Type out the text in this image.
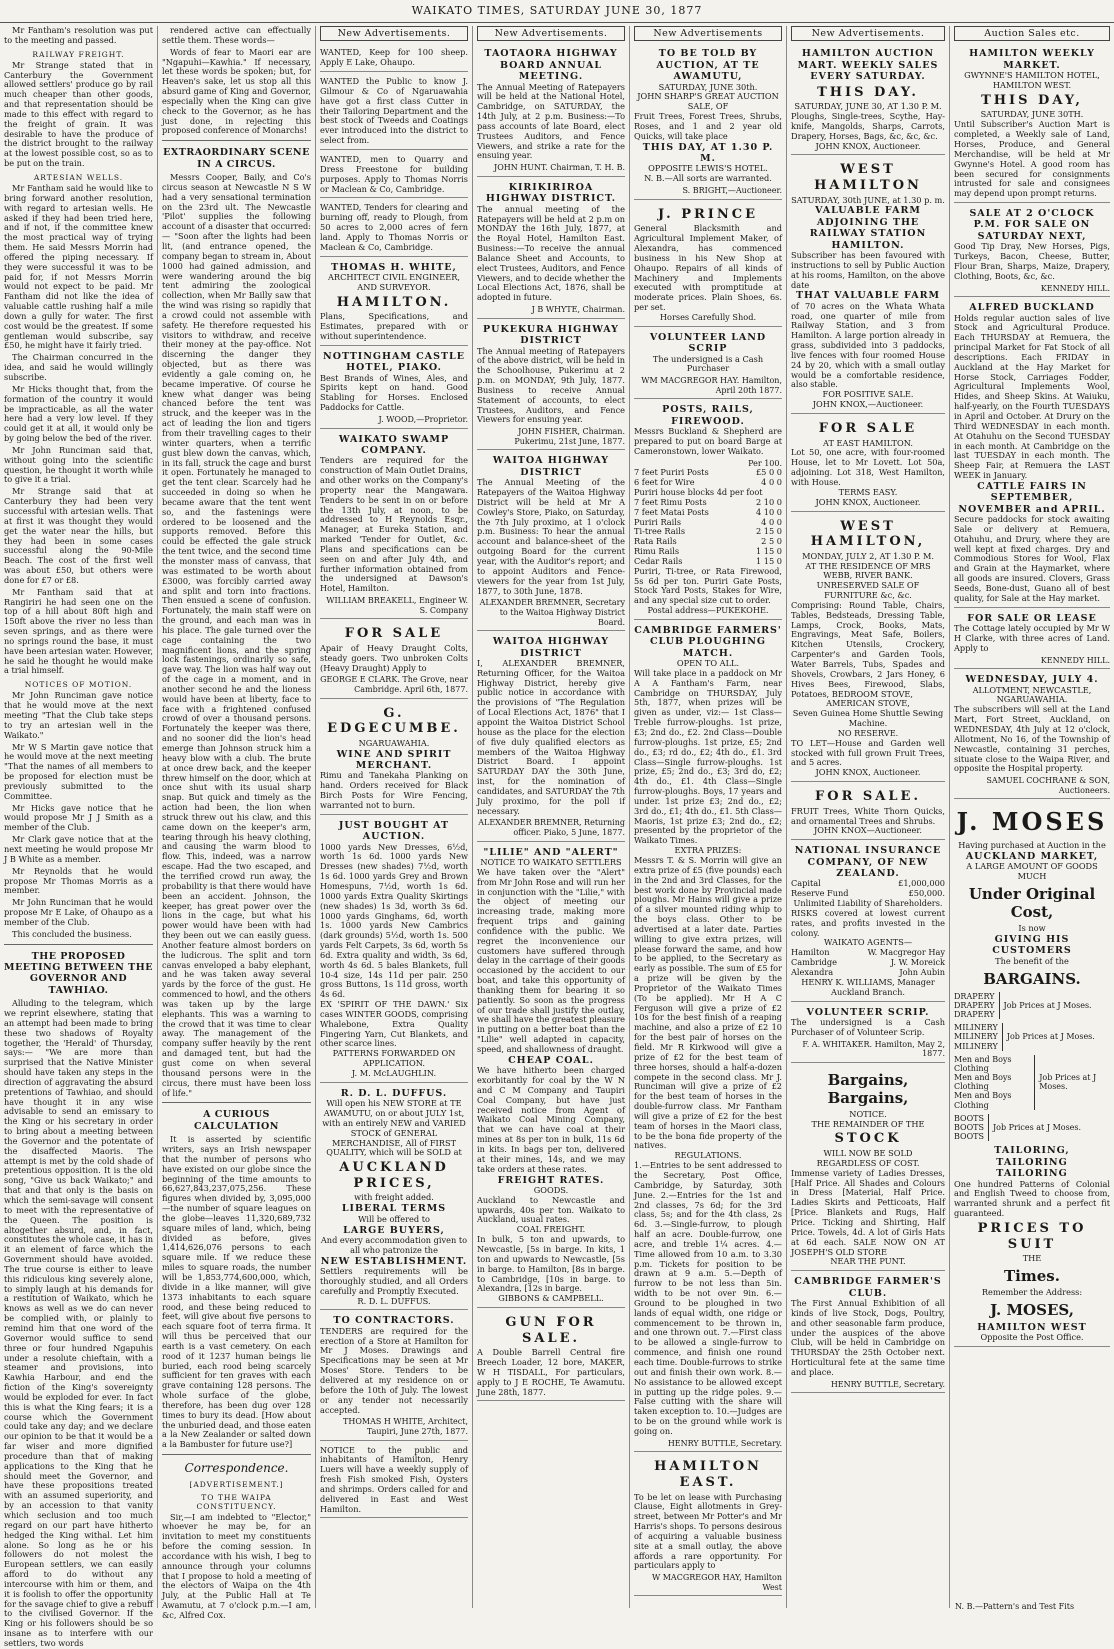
WAIKATO TIMES, SATURDAY JUNE 30, 1877

Mr Fantham's resolution was put to the meeting and passed.

RAILWAY FREIGHT.

Mr Strange stated that in Canterbury the Government allowed settlers' produce go by rail much cheaper than other goods, and that representation should be made to this effect with regard to the freight of grain. It was desirable to have the produce of the district brought to the railway at the lowest possible cost, so as to be put on the train.

ARTESIAN WELLS.

Mr Fantham said he would like to bring forward another resolution, with regard to artesian wells. He asked if they had been tried here, and if not, if the committee knew the most practical way of trying them. He said Messrs Morrin had offered the piping necessary. If they were successful it was to be paid for, if not Messrs Morrin would not expect to be paid. Mr Fantham did not like the idea of valuable cattle rushing half a mile down a gully for water. The first cost would be the greatest. If some gentleman would subscribe, say £50, he might have it fairly tried.

The Chairman concurred in the idea, and said he would willingly subscribe.

Mr Hicks thought that, from the formation of the country it would be impracticable, as all the water here had a very low level. If they could get it at all, it would only be by going below the bed of the river.

Mr John Runciman said that, without going into the scientific question, he thought it worth while to give it a trial.

Mr Strange said that at Canterbury they had been very successful with artesian wells. That at first it was thought they would get the water near the hills, but they had been in some cases successful along the 90-Mile Beach. The cost of the first well was about £50, but others were done for £7 or £8.

Mr Fantham said that at Rangiriri he had seen one on the top of a hill about 80ft high and 150ft above the river no less than seven springs, and as there were no springs round the base, it must have been artesian water. However, he said he thought he would make a trial himself.

NOTICES OF MOTION.

Mr John Runciman gave notice that he would move at the next meeting "That the Club take steps to try an artesian well in the Waikato."

Mr W S Martin gave notice that he would move at the next meeting "That the names of all members to be proposed for election must be previously submitted to the Committee.

Mr Hicks gave notice that he would propose Mr J J Smith as a member of the Club.

Mr Clark gave notice that at the next meeting he would propose Mr J B White as a member.

Mr Reynolds that he would propose Mr Thomas Morris as a member.

Mr John Runciman that he would propose Mr E Lake, of Ohaupo as a member of the Club.

This concluded the business.

THE PROPOSED MEETING BETWEEN THE GOVERNOR AND TAWHIAO.

Alluding to the telegram, which we reprint elsewhere, stating that an attempt had been made to bring these two shadows of Royalty together, the 'Herald' of Thursday, says:— "We are more than surprised that the Native Minister should have taken any steps in the direction of aggravating the absurd pretentions of Tawhiao, and should have thought it in any wise advisable to send an emissary to the King or his secretary in order to bring about a meeting between the Governor and the potentate of the disaffected Maoris. The attempt is met by the cold shade of pretentious opposition. It is the old song, "Give us back Waikato;" and that and that only is the basis on which the semi-savage will consent to meet with the representative of the Queen. The position is altogether absurd, and, in fact, constitutes the whole case, it has in it an element of farce which the Government should have avoided. The true course is either to leave this ridiculous king severely alone, to simply laugh at his demands for a restitution of Waikato, which he knows as well as we do can never be complied with, or plainly to remind him that one word of the Governor would suffice to send three or four hundred Ngapuhis under a resolute chieftain, with a steamer and provisions, into Kawhia Harbour, and end the fiction of the King's sovereignty would be exploded for ever. In fact this is what the King fears; it is a course which the Government could take any day; and we declare our opinion to be that it would be a far wiser and more dignified procedure than that of making applications to the King that he should meet the Governor, and have these propositions treated with an assumed superiority, and by an accession to that vanity which seclusion and too much regard on our part have hitherto hedged the King withal. Let him alone. So long as he or his followers do not molest the European settlers, we can easily afford to do without any intercourse with him or them, and it is foolish to offer the opportunity for the savage chief to give a rebuff to the civilised Governor. If the King or his followers should be so insane as to interfere with our settlers, two words

rendered active can effectually settle them. These words—

Words of fear to Maori ear are "Ngapuhi—Kawhia." If necessary, let these words be spoken; but, for Heaven's sake, let us stop all this absurd game of King and Governor, especially when the King can give check to the Governor, as he has just done, in rejecting this proposed conference of Monarchs!

EXTRAORDINARY SCENE IN A CIRCUS.

Messrs Cooper, Baily, and Co's circus season at Newcastle N S W had a very sensational termination on the 23rd ult. The Newcastle 'Pilot' supplies the following account of a disaster that occurred:— "Soon after the lights had been lit, (and entrance opened, the company began to stream in, About 1000 had gained admission, and were wandering around the big tent admiring the zoological collection, when Mr Bailly saw that the wind was rising so rapidly that a crowd could not assemble with safety. He therefore requested his visitors to withdraw, and receive their money at the pay-office. Not discerning the danger they objected, but as there was evidently a gale coming on, he became imperative. Of course he knew what danger was being chanced before the tent was struck, and the keeper was in the act of leading the lion and tigers from their travelling cages to their winter quarters, when a terrific gust blew down the canvas, which, in its fall, struck the cage and burst it open. Fortunately he managed to get the tent clear. Scarcely had he succeeded in doing so when he became aware that the tent went so, and the fastenings were ordered to be loosened and the supports removed. Before this could be effected the gale struck the tent twice, and the second time the monster mass of canvass, that was estimated to be worth about £3000, was forcibly carried away and split and torn into fractions. Then ensued a scene of confusion. Fortunately, the main staff were on the ground, and each man was in his place. The gale turned over the cage containing the two magnificent lions, and the spring lock fastenings, ordinarily so safe, gave way. The lion was half way out of the cage in a moment, and in another second he and the lioness would have been at liberty, face to face with a frightened confused crowd of over a thousand persons. Fortunately the keeper was there, and no sooner did the lion's head emerge than Johnson struck him a heavy blow with a club. The brute at once drew back, and the keeper threw himself on the door, which at once shut with its usual sharp snap. But quick and timely as the action had been, the lion when struck threw out his claw, and this came down on the keeper's arm, tearing through his heavy clothing, and causing the warm blood to flow. This, indeed, was a narrow escape. Had the two escaped, and the terrified crowd run away, the probability is that there would have been an accident. Johnson, the keeper, has great power over the lions in the cage, but what his power would have been with had they been out we can easily guess. Another feature almost borders on the ludicrous. The split and torn canvas enveloped a baby elephant, and he was taken away several yards by the force of the gust. He commenced to howl, and the others was taken up by the large elephants. This was a warning to the crowd that it was time to clear away. The management of the company suffer heavily by the rent and damaged tent, but had the gust come on when several thousand persons were in the circus, there must have been loss of life."

A CURIOUS CALCULATION

It is asserted by scientific writers, says an Irish newspaper that the number of persons who have existed on our globe since the beginning of the time amounts to 66,627,843,237,075,256. These figures when divided by, 3,095,000—the number of square leagues on the globe—leaves 11,320,689,732 square miles of land, which, being divided as before, gives 1,414,626,076 persons to each square mile. If we reduce these miles to square roads, the number will be 1,853,774,600,000, which, divide in a like manner, will give 1373 inhabitants to each square rood, and these being reduced to feet, will give about five persons to each square foot of terra firma. It will thus be perceived that our earth is a vast cemetery. On each rood of it 1237 human beings lie buried, each rood being scarcely sufficient for ten graves with each grave containing 128 persons. The whole surface of the globe, therefore, has been dug over 128 times to bury its dead. [How about the unburied dead, and those eaten a la New Zealander or salted down a la Bambuster for future use?]

Correspondence.
[ADVERTISEMENT.]
TO THE WAIPA CONSTITUENCY.

Sir,—I am indebted to "Elector," whoever he may be, for an invitation to meet my constituents before the coming session. In accordance with his wish, I beg to announce through your columns that I propose to hold a meeting of the electors of Waipa on the 4th July, at the Public Hall at Te Awamutu, at 7 o'clock p.m.—I am, &c, Alfred Cox.

New Advertisements.
WANTED, Keep for 100 sheep. Apply E Lake, Ohaupo.
WANTED the Public to know J. Gilmour & Co of Ngaruawahia have got a first class Cutter in their Tailoring Department and the best stock of Tweeds and Coatings ever introduced into the district to select from.
WANTED, men to Quarry and Dress Freestone for building purposes. Apply to Thomas Norris or Maclean & Co, Cambridge.
WANTED, Tenders for clearing and burning off, ready to Plough, from 50 acres to 2,000 acres of fern land. Apply to Thomas Norris or Maclean & Co, Cambridge.
THOMAS H. WHITE,
ARCHITECT CIVIL ENGINEER, AND SURVEYOR.
HAMILTON.
Plans, Specifications, and Estimates, prepared with or without superintendence.
NOTTINGHAM CASTLE HOTEL, PIAKO.
Best Brands of Wines, Ales, and Spirits kept on hand. Good Stabling for Horses. Enclosed Paddocks for Cattle.
J. WOOD,—Proprietor.
WAIKATO SWAMP COMPANY.
Tenders are required for the construction of Main Outlet Drains, and other works on the Company's property near the Mangawara. Tenders to be sent in on or before the 13th July, at noon, to be addressed to H Reynolds Esqr., Manager, at Eureka Station, and marked 'Tender for Outlet, &c. Plans and specifications can be seen on and after July 4th, and further information obtained from the undersigned at Dawson's Hotel, Hamilton.
WILLIAM BREAKELL, Engineer W. S. Company
FOR SALE
Apair of Heavy Draught Colts, steady goers. Two unbroken Colts (Heavy Draught) Apply to
GEORGE E CLARK. The Grove, near Cambridge. April 6th, 1877.
G. EDGECUMBE.
NGARUAWAHIA.
WINE AND SPIRIT MERCHANT.
Rimu and Tanekaha Planking on hand. Orders received for Black Birch Posts for Wire Fencing, warranted not to burn.
JUST BOUGHT AT AUCTION.
1000 yards New Dresses, 6½d, worth 1s 6d. 1000 yards New Dresses (new shades) 7½d, worth 1s 6d. 1000 yards Grey and Brown Homespuns, 7½d, worth 1s 6d. 1000 yards Extra Quality Skirtings (new shades) 1s 3d, worth 3s 6d. 1000 yards Ginghams, 6d, worth 1s. 1000 yards New Cambrics (dark grounds) 5½d, worth 1s. 500 yards Felt Carpets, 3s 6d, worth 5s 6d. Extra quality and width, 3s 6d, worth 4s 6d. 5 bales Blankets, full 10-4 size, 14s 11d per pair. 250 gross Buttons, 1s 11d gross, worth 4s 6d.
EX 'SPIRIT OF THE DAWN.' Six cases WINTER GOODS, comprising Whalebone, Extra Quality Fingering Yarn, Cut Blankets, and other scarce lines.
PATTERNS FORWARDED ON APPLICATION.
J. M. McLAUGHLIN.
R. D. L. DUFFUS.
Will open his NEW STORE at TE AWAMUTU, on or about JULY 1st, with an entirely NEW and VARIED STOCK of GENERAL MERCHANDISE, All of FIRST QUALITY, which will be SOLD at
AUCKLAND PRICES,
with freight added.
LIBERAL TERMS
Will be offered to
LARGE BUYERS,
And every accommodation given to all who patronize the
NEW ESTABLISHMENT.
Settlers requirements will be thoroughly studied, and all Orders carefully and Promptly Executed.
R. D. L. DUFFUS.
TO CONTRACTORS.
TENDERS are required for the erection of a Store at Hamilton for Mr J Moses. Drawings and Specifications may be seen at Mr Moses' Store. Tenders to be delivered at my residence on or before the 10th of July. The lowest or any tender not necessarily accepted.
THOMAS H WHITE, Architect, Taupiri, June 27th, 1877.
NOTICE to the public and inhabitants of Hamilton, Henry Luers will have a weekly supply of fresh Fish smoked Fish, Oysters and shrimps. Orders called for and delivered in East and West Hamilton.
New Advertisements.
TAOTAORA HIGHWAY BOARD ANNUAL MEETING.
The Annual Meeting of Ratepayers will be held at the National Hotel, Cambridge, on SATURDAY, the 14th July, at 2 p.m. Business:—To pass accounts of late Board, elect Trustees Auditors, and Fence Viewers, and strike a rate for the ensuing year.
JOHN HUNT. Chairman, T. H. B.
KIRIKIRIROA HIGHWAY DISTRICT.
The annual meeting of the Ratepayers will be held at 2 p.m on MONDAY the 16th July, 1877, at the Royal Hotel, Hamilton East. Business:—To receive the annual Balance Sheet and Accounts, to elect Trustees, Auditors, and Fence Viewers, and to decide whether the Local Elections Act, 1876, shall be adopted in future.
J B WHYTE, Chairman.
PUKEKURA HIGHWAY DISTRICT
The Annual meeting of Ratepayers of the above district, will be held in the Schoolhouse, Pukerimu at 2 p.m. on MONDAY, 9th July, 1877. Business to receive Annual Statement of accounts, to elect Trustees, Auditors, and Fence Viewers for ensuing year.
JOHN FISHER, Chairman. Pukerimu, 21st June, 1877.
WAITOA HIGHWAY DISTRICT
The Annual Meeting of the Ratepayers of the Waitoa Highway District will be held at Mr A Cowley's Store, Piako, on Saturday, the 7th July proximo, at 1 o'clock p.m. Business: To hear the annual account and balance-sheet of the outgoing Board for the current year, with the Auditor's report; and to appoint Auditors and Fence-viewers for the year from 1st July, 1877, to 30th June, 1878.
ALEXANDER BREMNER, Secretary to the Waitoa Highway District Board.
WAITOA HIGHWAY DISTRICT
I, ALEXANDER BREMNER, Returning Officer, for the Waitoa Highway District, hereby give public notice in accordance with the provisions of "The Regulation of Local Elections Act, 1876" that I appoint the Waitoa District School house as the place for the election of five duly qualified electors as members of the Waitoa Highway District Board. I appoint SATURDAY DAY the 30th June, inst, for the nomination of candidates, and SATURDAY the 7th July proximo, for the poll if necessary.
ALEXANDER BREMNER, Returning officer. Piako, 5 June, 1877.
"LILIE" AND "ALERT"
NOTICE TO WAIKATO SETTLERS
We have taken over the "Alert" from Mr John Rose and will run her in conjunction with the "Lilie," with the object of meeting our increasing trade, making more frequent trips and gaining confidence with the public. We regret the inconvenience our customers have suffered through delay in the carriage of their goods occasioned by the accident to our boat, and take this opportunity of thanking them for bearing it so patiently. So soon as the progress of our trade shall justify the outlay, we shall have the greatest pleasure in putting on a better boat than the "Lilie" well adapted in capacity, speed, and shallowness of draught.
CHEAP COAL.
We have hitherto been charged exorbitantly for coal by the W N and C M Company and Taupiri Coal Company, but have just received notice from Agent of Waikato Coal Mining Company, that we can have coal at their mines at 8s per ton in bulk, 11s 6d in kits. In bags per ton, delivered at their mines, 14s, and we may take orders at these rates.
FREIGHT RATES.
GOODS.
Auckland to Newcastle and upwards, 40s per ton. Waikato to Auckland, usual rates.
COAL FREIGHT.
In bulk, 5 ton and upwards, to Newcastle, [5s in barge. In kits, 1 ton and upwards to Newcastle, [5s in barge. to Hamilton, [8s in barge. to Cambridge, [10s in barge. to Alexandra, [12s in barge.
GIBBONS & CAMPBELL.
GUN FOR SALE.
A Double Barrell Central fire Breech Loader, 12 bore, MAKER, W H TISDALL, For particulars, apply to J E ROCHE, Te Awamutu. June 28th, 1877.
New Advertisements
TO BE TOLD BY AUCTION, AT TE AWAMUTU,
SATURDAY, JUNE 30th.
JOHN SHARP'S GREAT AUCTION SALE, OF
Fruit Trees, Forest Trees, Shrubs, Roses, and 1 and 2 year old Quicks, will take place
THIS DAY, AT 1.30 P. M.
OPPOSITE LEWIS'S HOTEL.
N. B.—All sorts are warranted.
S. BRIGHT,—Auctioneer.
J. PRINCE
General Blacksmith and Agricultural Implement Maker, of Alexandra, has commenced business in his New Shop at Ohaupo. Repairs of all kinds of Machinery and Implements executed with promptitude at moderate prices. Plain Shoes, 6s. per set.
Horses Carefully Shod.
VOLUNTEER LAND SCRIP
The undersigned is a Cash Purchaser
WM MACGREGOR HAY. Hamilton, April 20th 1877.
POSTS, RAILS, FIREWOOD.
Messrs Buckland & Shepherd are prepared to put on board Barge at Cameronstown, lower Waikato.
Per 100.
7 feet Puriri Posts	£5 0 0
6 feet for Wire	4 0 0
Puriri house blocks 4d per foot
7 feet Rimu Posts	2 10 0
7 feet Matai Posts	4 10 0
Puriri Rails	4 0 0
Ti-tree Rails	2 15 0
Rata Rails	2 5 0
Rimu Rails	1 15 0
Cedar Rails	1 15 0
Puriri, Ti-tree, or Rata Firewood, 5s 6d per ton. Puriri Gate Posts, Stock Yard Posts, Stakes for Wire, and any special size cut to order.
Postal address—PUKEKOHE.
CAMBRIDGE FARMERS' CLUB PLOUGHING MATCH.
OPEN TO ALL.
Will take place in a paddock on Mr A A Fantham's Farm, near Cambridge on THURSDAY, July 5th, 1877, when prizes will be given as under, viz:— 1st Class—Treble furrow-ploughs. 1st prize, £3; 2nd do., £2. 2nd Class—Double furrow-ploughs. 1st prize, £5; 2nd do., £3; rd do., £2; 4th do., £1. 3rd Class—Single furrow-ploughs. 1st prize, £5; 2nd do., £3; 3rd do, £2; 4th do., £1. 4th Class—Single furrow-ploughs. Boys, 17 years and under. 1st prize £3; 2nd do., £2; 3rd do., £1; 4th do., £1. 5th Class—Maoris, 1st prize £3; 2nd do., £2; presented by the proprietor of the Waikato Times.
EXTRA PRIZES:
Messrs T. & S. Morrin will give an extra prize of £5 (five pounds) each in the 2nd and 3rd Classes, for the best work done by Provincial made ploughs. Mr Hains will give a prize of a silver mounted riding whip to the boys class. Other to be advertised at a later date. Parties willing to give extra prizes, will please forward the same, and how to be applied, to the Secretary as early as possible. The sum of £5 for a prize will be given by the Proprietor of the Waikato Times (To be applied). Mr H A C Ferguson will give a prize of £2 10s for the best finish of a reaping machine, and also a prize of £2 10 for the best pair of horses on the field. Mr R Kirkwood will give a prize of £2 for the best team of three horses, should a half-a-dozen compete in the second class. Mr J. Runciman will give a prize of £2 for the best team of horses in the double-furrow class. Mr Fantham will give a prize of £2 for the best team of horses in the Maori class, to be the bona fide property of the natives.
REGULATIONS.
1.—Entries to be sent addressed to the Secretary, Post Office, Cambridge, by Saturday, 30th June. 2.—Entries for the 1st and 2nd classes, 7s 6d; for the 3rd class, 5s; and for the 4th class, 2s 6d. 3.—Single-furrow, to plough half an acre. Double-furrow, one acre, and treble 1¼ acres. 4.—Time allowed from 10 a.m. to 3.30 p.m. Tickets for position to be drawn at 9 a.m. 5.—Depth of furrow to be not less than 5in. width to be not over 9in. 6.—Ground to be ploughed in two lands of equal width, one ridge or commencement to be thrown in, and one thrown out. 7.—First class to be allowed a single-furrow to commence, and finish one round each time. Double-furrows to strike out and finish their own work. 8.—No assistance to be allowed except in putting up the ridge poles. 9.—False cutting with the share will taken exception to. 10.—Judges are to be on the ground while work is going on.
HENRY BUTTLE, Secretary.
HAMILTON EAST.
To be let on lease with Purchasing Clause, Eight allotments in Grey-street, between Mr Potter's and Mr Harris's shops. To persons desirous of acquiring a valuable business site at a small outlay, the above affords a rare opportunity. For particulars apply to
W MACGREGOR HAY, Hamilton West
New Advertisements.
HAMILTON AUCTION MART. WEEKLY SALES EVERY SATURDAY.
THIS DAY.
SATURDAY, JUNE 30, AT 1.30 P. M.
Ploughs, Single-trees, Scythe, Hay-knife, Mangolds, Sharps, Carrots, Drapery, Horses, Bags, &c, &c, &c.
JOHN KNOX, Auctioneer.
WEST HAMILTON
SATURDAY, 30th JUNE, at 1.30 p. m.
VALUABLE FARM ADJOINING THE RAILWAY STATION HAMILTON.
Subscriber has been favoured with instructions to sell by Public Auction at his rooms, Hamilton, on the above date
THAT VALUABLE FARM
of 70 acres on the Whata Whata road, one quarter of mile from Railway Station, and 3 from Hamilton. A large portion already in grass, subdivided into 3 paddocks, live fences with four roomed House 24 by 20, which with a small outlay would be a comfortable residence, also stable.
FOR POSITIVE SALE.
JOHN KNOX,—Auctioneer.
FOR SALE
AT EAST HAMILTON.
Lot 50, one acre, with four-roomed House, let to Mr Lovett. Lot 50a, adjoining. Lot 318, West Hamilton, with House.
TERMS EASY.
JOHN KNOX, Auctioneer.
WEST HAMILTON,
MONDAY, JULY 2, AT 1.30 P. M.
AT THE RESIDENCE OF MRS WEBB, RIVER BANK.
UNRESERVED SALE OF FURNITURE &c, &c.
Comprising: Round Table, Chairs, Tables, Bedsteads, Dressing Table, Lamps, Crock, Books, Mats, Engravings, Meat Safe, Boilers, Kitchen Utensils, Crockery, Carpenter's and Garden Tools, Water Barrels, Tubs, Spades and Shovels, Crowbars, 2 Jars Honey, 6 Hives Bees, Firewood, Slabs, Potatoes, BEDROOM STOVE,
AMERICAN STOVE,
Seven Guinea Home Shuttle Sewing Machine.
NO RESERVE.
TO LET—House and Garden well stocked with full grown Fruit Trees, and 5 acres.
JOHN KNOX, Auctioneer.
FOR SALE.
FRUIT Trees, White Thorn Quicks, and ornamental Trees and Shrubs.
JOHN KNOX—Auctioneer.
NATIONAL INSURANCE COMPANY, OF NEW ZEALAND.
Capital	£1,000,000
Reserve Fund	£50,000.
Unlimited Liability of Shareholders.
RISKS covered at lowest current rates, and profits invested in the colony.
WAIKATO AGENTS—
Hamilton	W. Macgregor Hay
Cambridge	J. W. Moreick
Alexandra	John Aubin
HENRY K. WILLIAMS, Manager Auckland Branch.
VOLUNTEER SCRIP.
The undersigned is a Cash Purchaser of of Volunteer Scrip.
F. A. WHITAKER. Hamilton, May 2, 1877.
Bargains, Bargains,
NOTICE.
THE REMAINDER OF THE
STOCK
WILL NOW BE SOLD
REGARDLESS OF COST.
Immense variety of Ladies Dresses, [Half Price. All Shades and Colours in Dress [Material, Half Price. Ladies Skirts and Petticoats, Half [Price. Blankets and Rugs, Half Price. Ticking and Shirting, Half Price. Towels, 4d. A lot of Girls Hats at 6d each. SALE NOW ON AT JOSEPH'S OLD STORE
NEAR THE PUNT.
CAMBRIDGE FARMER'S CLUB.
The First Annual Exhibition of all kinds of live Stock, Dogs, Poultry, and other seasonable farm produce, under the auspices of the above Club, will be held in Cambridge on THURSDAY the 25th October next. Horticultural fete at the same time and place.
HENRY BUTTLE, Secretary.
Auction Sales etc.
HAMILTON WEEKLY MARKET.
GWYNNE'S HAMILTON HOTEL, HAMILTON WEST.
THIS DAY,
SATURDAY, JUNE 30TH.
Until Subscriber's Auction Mart is completed, a Weekly sale of Land, Horses, Produce, and General Merchandise, will be held at Mr Gwynne's Hotel. A good room has been secured for consignments intrusted for sale and consignees may depend upon prompt returns.
SALE AT 2 O'CLOCK P.M. FOR SALE ON SATURDAY NEXT,
Good Tip Dray, New Horses, Pigs, Turkeys, Bacon, Cheese, Butter, Flour Bran, Sharps, Maize, Drapery, Clothing, Boots, &c, &c.
KENNEDY HILL.
ALFRED BUCKLAND
Holds regular auction sales of live Stock and Agricultural Produce. Each THURSDAY at Remuera, the principal Market for Fat Stock of all descriptions. Each FRIDAY in Auckland at the Hay Market for Horse Stock, Carriages Fodder, Agricultural Implements Wool, Hides, and Sheep Skins. At Waiuku, half-yearly, on the Fourth TUESDAYS in April and October. At Drury on the Third WEDNESDAY in each month. At Otahuhu on the Second TUESDAY in each month. At Cambridge on the last TUESDAY in each month. The Sheep Fair, at Remuera the LAST WEEK in January.
CATTLE FAIRS IN SEPTEMBER, NOVEMBER and APRIL.
Secure paddocks for stock awaiting Sale or delivery at Remuera, Otahuhu, and Drury, where they are well kept at fixed charges. Dry and Commodious Stores for Wool, Flax and Grain at the Haymarket, where all goods are insured. Clovers, Grass Seeds, Bone-dust, Guano all of best quality, for Sale at the Hay market.
FOR SALE OR LEASE
The Cottage lately occupied by Mr W H Clarke, with three acres of Land. Apply to
KENNEDY HILL.
WEDNESDAY, JULY 4.
ALLOTMENT, NEWCASTLE, NGARUAWAHIA.
The subscribers will sell at the Land Mart, Fort Street, Auckland, on WEDNESDAY, 4th July at 12 o'clock, Allotment, No 16, of the Township of Newcastle, containing 31 perches, situate close to the Waipa River, and opposite the Hospital property.
SAMUEL COCHRANE & SON, Auctioneers.
J. MOSES
Having purchased at Auction in the
AUCKLAND MARKET,
A LARGE AMOUNT OF GOODS MUCH
Under Original Cost,
Is now
GIVING HIS CUSTOMERS
The benefit of the
BARGAINS.
DRAPERY
DRAPERY
DRAPERY
Job Prices at J Moses.
MILINERY
MILINERY
MILINERY
Job Prices at J Moses.
Men and Boys Clothing
Men and Boys Clothing
Men and Boys Clothing
Job Prices at J Moses.
BOOTS
BOOTS
BOOTS
Job Prices at J Moses.
TAILORING,
TAILORING
TAILORING
One hundred Patterns of Colonial and English Tweed to choose from, warranted shrunk and a perfect fit guaranteed.
PRICES TO SUIT
THE
Times.
Remember the Address:
J. MOSES,
HAMILTON WEST
Opposite the Post Office.
N. B.—Pattern's and Test Fits
